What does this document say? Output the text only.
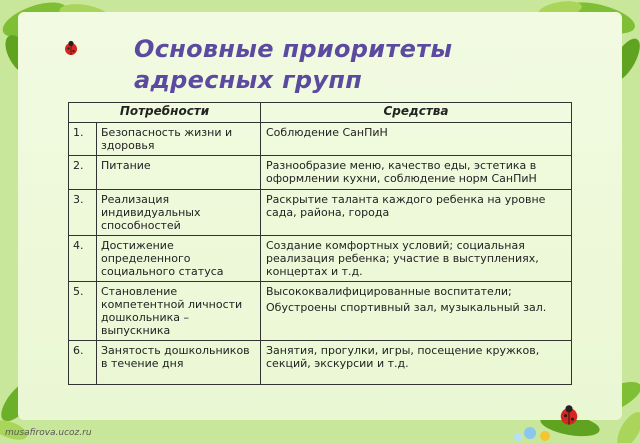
Основные приоритеты
адресных групп
Потребности		Средства
1.	Безопасность жизни и здоровья	Соблюдение СанПиН
2.	Питание	Разнообразие меню, качество еды, эстетика в оформлении кухни, соблюдение норм СанПиН
3.	Реализация индивидуальных способностей	Раскрытие таланта каждого ребенка на уровне сада, района, города
4.	Достижение определенного социального статуса	Создание комфортных условий; социальная реализация ребенка; участие в выступлениях, концертах и т.д.
5.	Становление компетентной личности дошкольника – выпускника	Высококвалифицированные воспитатели;
Обустроены спортивный зал, музыкальный зал.

6.	Занятость дошкольников в течение дня	Занятия, прогулки, игры, посещение кружков, секций, экскурсии и т.д.
musafirova.ucoz.ru
